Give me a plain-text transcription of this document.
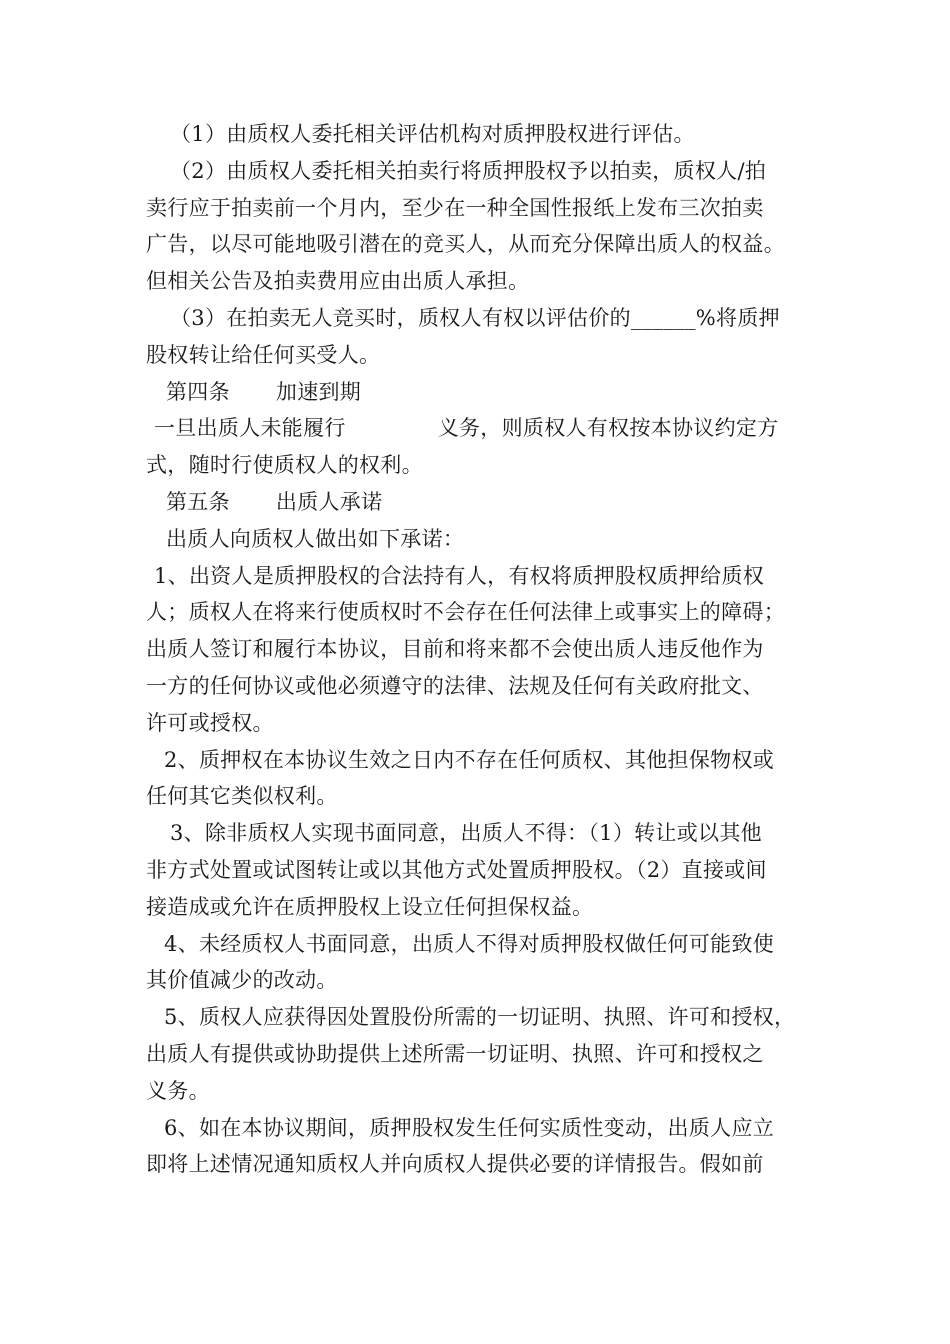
（1）由质权人委托相关评估机构对质押股权进行评估。

（2）由质权人委托相关拍卖行将质押股权予以拍卖，质权人/拍

卖行应于拍卖前一个月内，至少在一种全国性报纸上发布三次拍卖

广告，以尽可能地吸引潜在的竞买人，从而充分保障出质人的权益。

但相关公告及拍卖费用应由出质人承担。

（3）在拍卖无人竞买时，质权人有权以评估价的______%将质押

股权转让给任何买受人。

第四条 加速到期

一旦出质人未能履行	义务，则质权人有权按本协议约定方

式，随时行使质权人的权利。

第五条 出质人承诺

出质人向质权人做出如下承诺：

1、出资人是质押股权的合法持有人，有权将质押股权质押给质权

人；质权人在将来行使质权时不会存在任何法律上或事实上的障碍；

出质人签订和履行本协议，目前和将来都不会使出质人违反他作为

一方的任何协议或他必须遵守的法律、法规及任何有关政府批文、

许可或授权。

2、质押权在本协议生效之日内不存在任何质权、其他担保物权或

任何其它类似权利。

3、除非质权人实现书面同意，出质人不得：（1）转让或以其他

非方式处置或试图转让或以其他方式处置质押股权。（2）直接或间

接造成或允许在质押股权上设立任何担保权益。

4、未经质权人书面同意，出质人不得对质押股权做任何可能致使

其价值减少的改动。

5、质权人应获得因处置股份所需的一切证明、执照、许可和授权，

出质人有提供或协助提供上述所需一切证明、执照、许可和授权之

义务。

6、如在本协议期间，质押股权发生任何实质性变动，出质人应立

即将上述情况通知质权人并向质权人提供必要的详情报告。假如前
